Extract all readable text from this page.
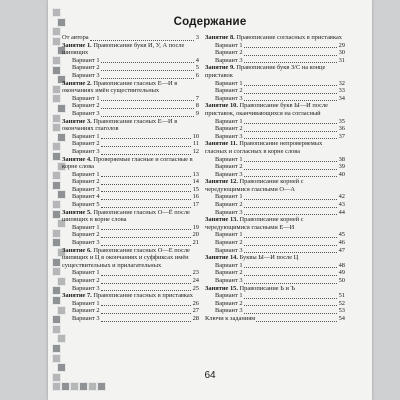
Содержание
От автора	3
Занятие 1. Правописание букв И, У, А после шипящих
Вариант 1	4
Вариант 2	5
Вариант 3	6
Занятие 2. Правописание гласных Е—И в окончаниях имён существительных
Вариант 1	7
Вариант 2	8
Вариант 3	9
Занятие 3. Правописание гласных Е—И в окончаниях глаголов
Вариант 1	10
Вариант 2	11
Вариант 3	12
Занятие 4. Проверяемые гласные и согласные в корне слова
Вариант 1	13
Вариант 2	14
Вариант 3	15
Вариант 4	16
Вариант 5	17
Занятие 5. Правописание гласных О—Ё после шипящих в корне слова
Вариант 1	19
Вариант 2	20
Вариант 3	21
Занятие 6. Правописание гласных О—Е после шипящих и Ц в окончаниях и суффиксах имён существительных и прилагательных
Вариант 1	23
Вариант 2	24
Вариант 3	25
Занятие 7. Правописание гласных в приставках
Вариант 1	26
Вариант 2	27
Вариант 3	28
Занятие 8. Правописание согласных в приставках
Вариант 1	29
Вариант 2	30
Вариант 3	31
Занятие 9. Правописание букв З/С на конце приставок
Вариант 1	32
Вариант 2	33
Вариант 3	34
Занятие 10. Правописание букв Ы—И после приставок, оканчивающихся на согласный
Вариант 1	35
Вариант 2	36
Вариант 3	37
Занятие 11. Правописание непроверяемых гласных и согласных в корне слова
Вариант 1	38
Вариант 2	39
Вариант 3	40
Занятие 12. Правописание корней с чередующимися гласными О—А
Вариант 1	42
Вариант 2	43
Вариант 3	44
Занятие 13. Правописание корней с чередующимися гласными Е—И
Вариант 1	45
Вариант 2	46
Вариант 3	47
Занятие 14. Буквы Ы—И после Ц
Вариант 1	48
Вариант 2	49
Вариант 3	50
Занятие 15. Правописание Ь и Ъ
Вариант 1	51
Вариант 2	52
Вариант 3	53
Ключи к заданиям	54
64
